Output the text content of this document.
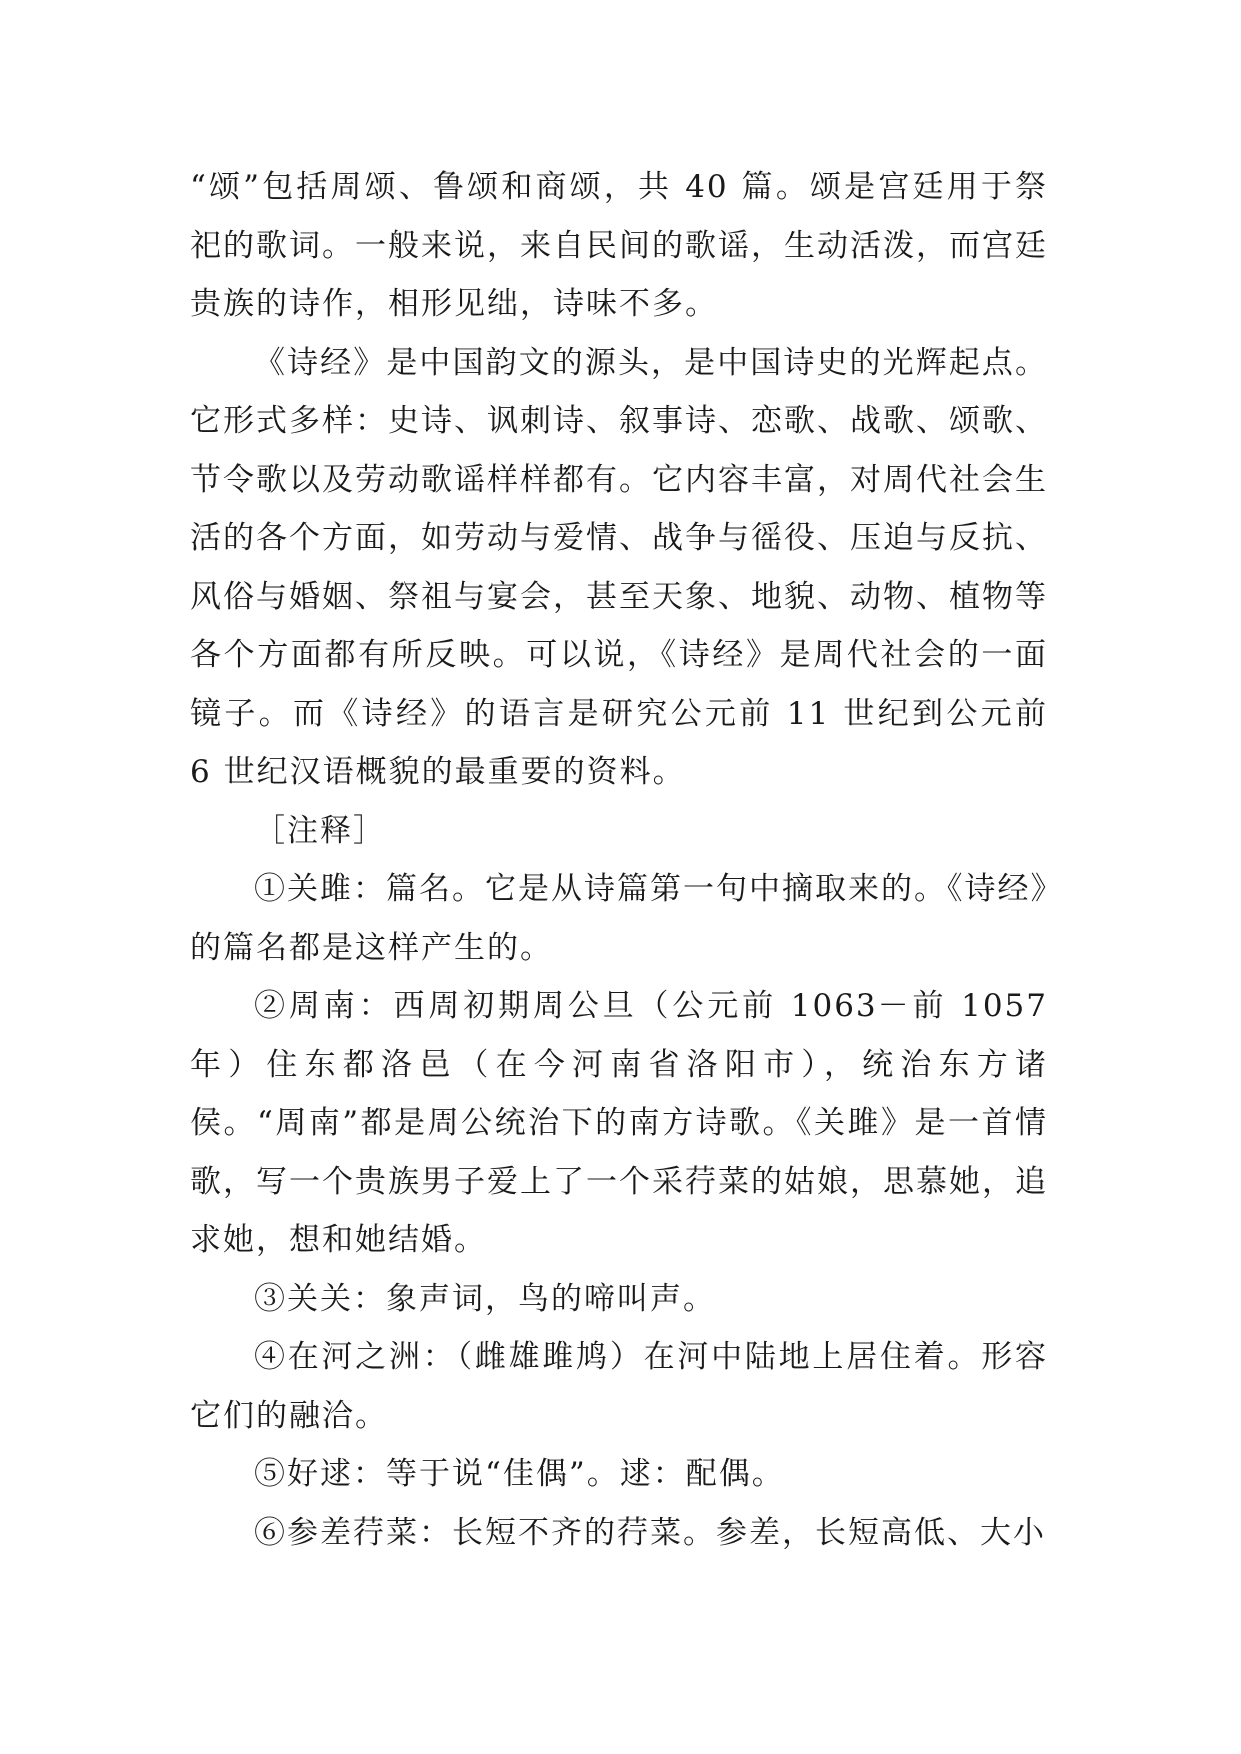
“颂”包括周颂、鲁颂和商颂，共 40 篇。颂是宫廷用于祭祀的歌词。一般来说，来自民间的歌谣，生动活泼，而宫廷贵族的诗作，相形见绌，诗味不多。

《诗经》是中国韵文的源头，是中国诗史的光辉起点。它形式多样：史诗、讽刺诗、叙事诗、恋歌、战歌、颂歌、节令歌以及劳动歌谣样样都有。它内容丰富，对周代社会生活的各个方面，如劳动与爱情、战争与徭役、压迫与反抗、风俗与婚姻、祭祖与宴会，甚至天象、地貌、动物、植物等各个方面都有所反映。可以说，《诗经》是周代社会的一面镜子。而《诗经》的语言是研究公元前 11 世纪到公元前 6 世纪汉语概貌的最重要的资料。

［注释］

①关雎：篇名。它是从诗篇第一句中摘取来的。《诗经》的篇名都是这样产生的。

②周南：西周初期周公旦（公元前 1063－前 1057 年）住东都洛邑（在今河南省洛阳市），统治东方诸侯。“周南”都是周公统治下的南方诗歌。《关雎》是一首情歌，写一个贵族男子爱上了一个采荇菜的姑娘，思慕她，追求她，想和她结婚。

③关关：象声词，鸟的啼叫声。

④在河之洲：（雌雄雎鸠）在河中陆地上居住着。形容它们的融洽。

⑤好逑：等于说“佳偶”。逑：配偶。

⑥参差荇菜：长短不齐的荇菜。参差，长短高低、大小
